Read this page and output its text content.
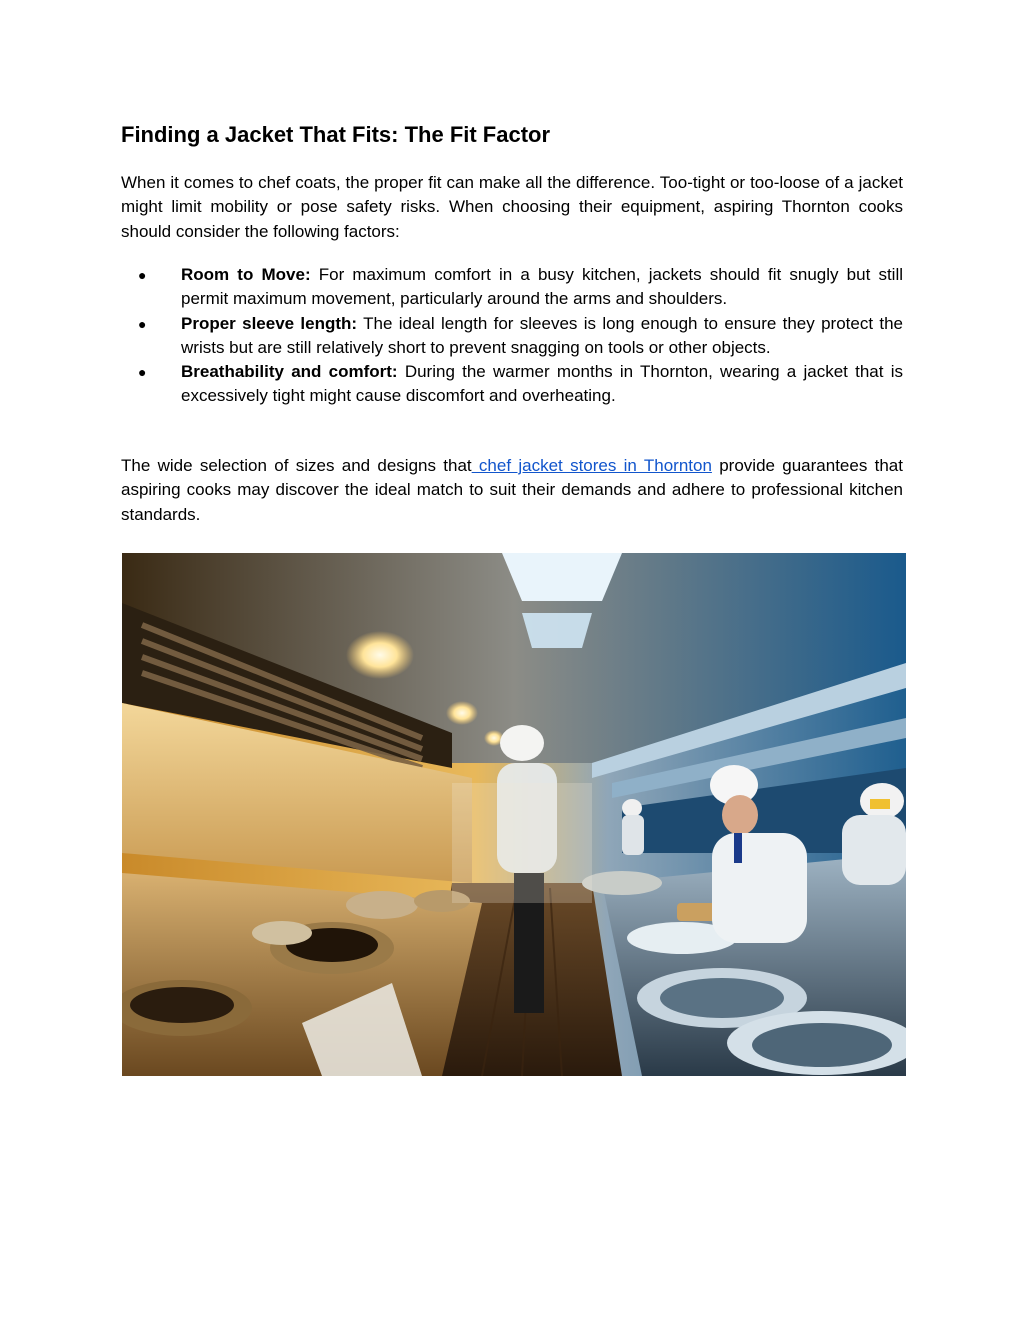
Finding a Jacket That Fits: The Fit Factor

When it comes to chef coats, the proper fit can make all the difference. Too-tight or too-loose of a jacket might limit mobility or pose safety risks. When choosing their equipment, aspiring Thornton cooks should consider the following factors:

● Room to Move: For maximum comfort in a busy kitchen, jackets should fit snugly but still permit maximum movement, particularly around the arms and shoulders.
● Proper sleeve length: The ideal length for sleeves is long enough to ensure they protect the wrists but are still relatively short to prevent snagging on tools or other objects.
● Breathability and comfort: During the warmer months in Thornton, wearing a jacket that is excessively tight might cause discomfort and overheating.

The wide selection of sizes and designs that chef jacket stores in Thornton provide guarantees that aspiring cooks may discover the ideal match to suit their demands and adhere to professional kitchen standards.
